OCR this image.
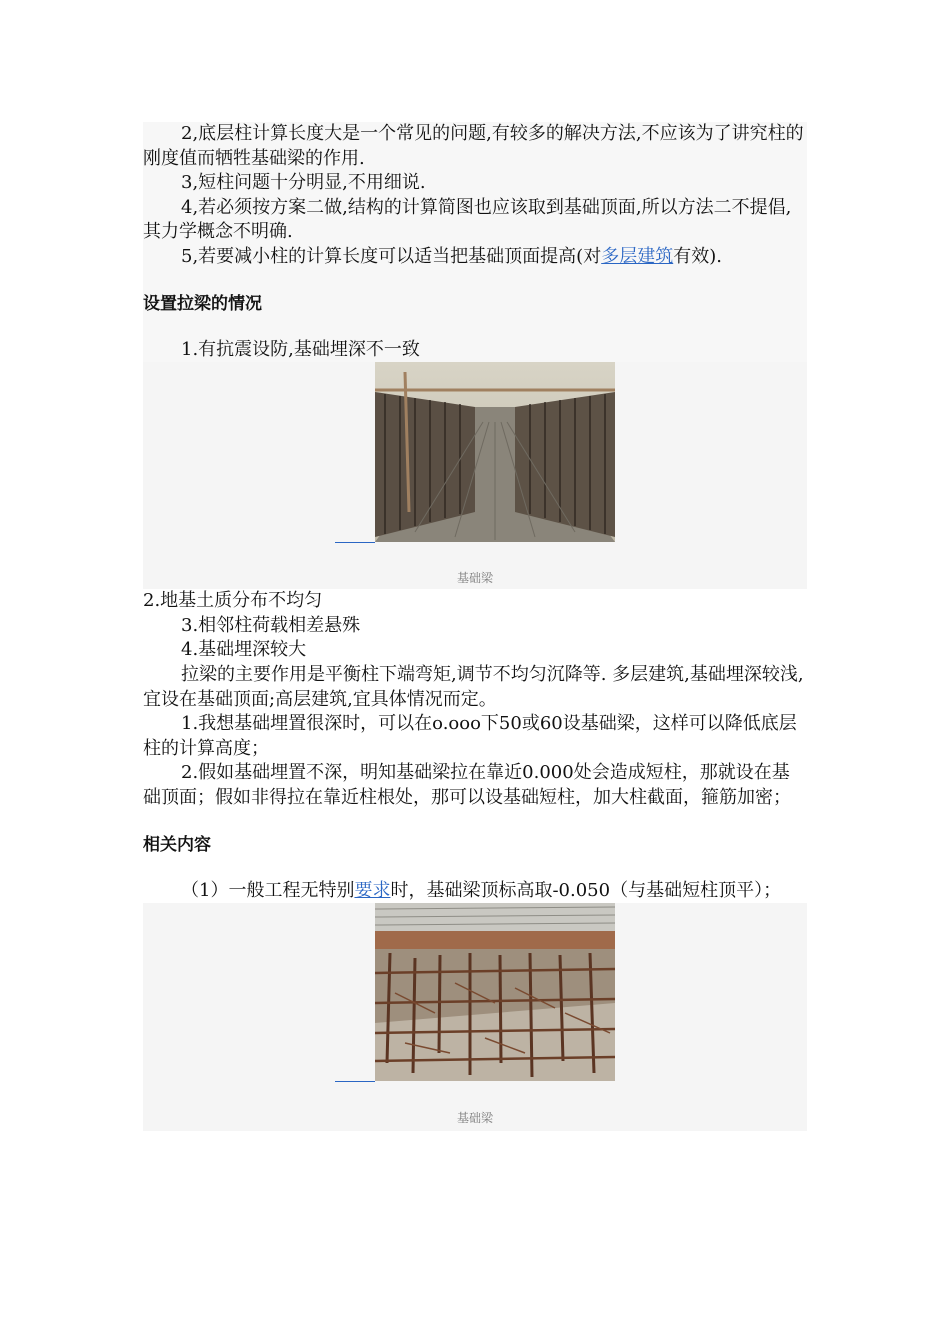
2,底层柱计算长度大是一个常见的问题,有较多的解决方法,不应该为了讲究柱的刚度值而牺牲基础梁的作用.

3,短柱问题十分明显,不用细说.

4,若必须按方案二做,结构的计算简图也应该取到基础顶面,所以方法二不提倡,其力学概念不明确.

5,若要减小柱的计算长度可以适当把基础顶面提高(对多层建筑有效).

设置拉梁的情况

1.有抗震设防,基础埋深不一致

基础梁

2.地基土质分布不均匀

3.相邻柱荷载相差悬殊

4.基础埋深较大

拉梁的主要作用是平衡柱下端弯矩,调节不均匀沉降等. 多层建筑,基础埋深较浅,宜设在基础顶面;高层建筑,宜具体情况而定。

1.我想基础埋置很深时，可以在o.ooo下50或60设基础梁，这样可以降低底层柱的计算高度；

2.假如基础埋置不深，明知基础梁拉在靠近0.000处会造成短柱，那就设在基础顶面；假如非得拉在靠近柱根处，那可以设基础短柱，加大柱截面，箍筋加密；

相关内容

（1）一般工程无特别要求时，基础梁顶标高取-0.050（与基础短柱顶平）；

基础梁
